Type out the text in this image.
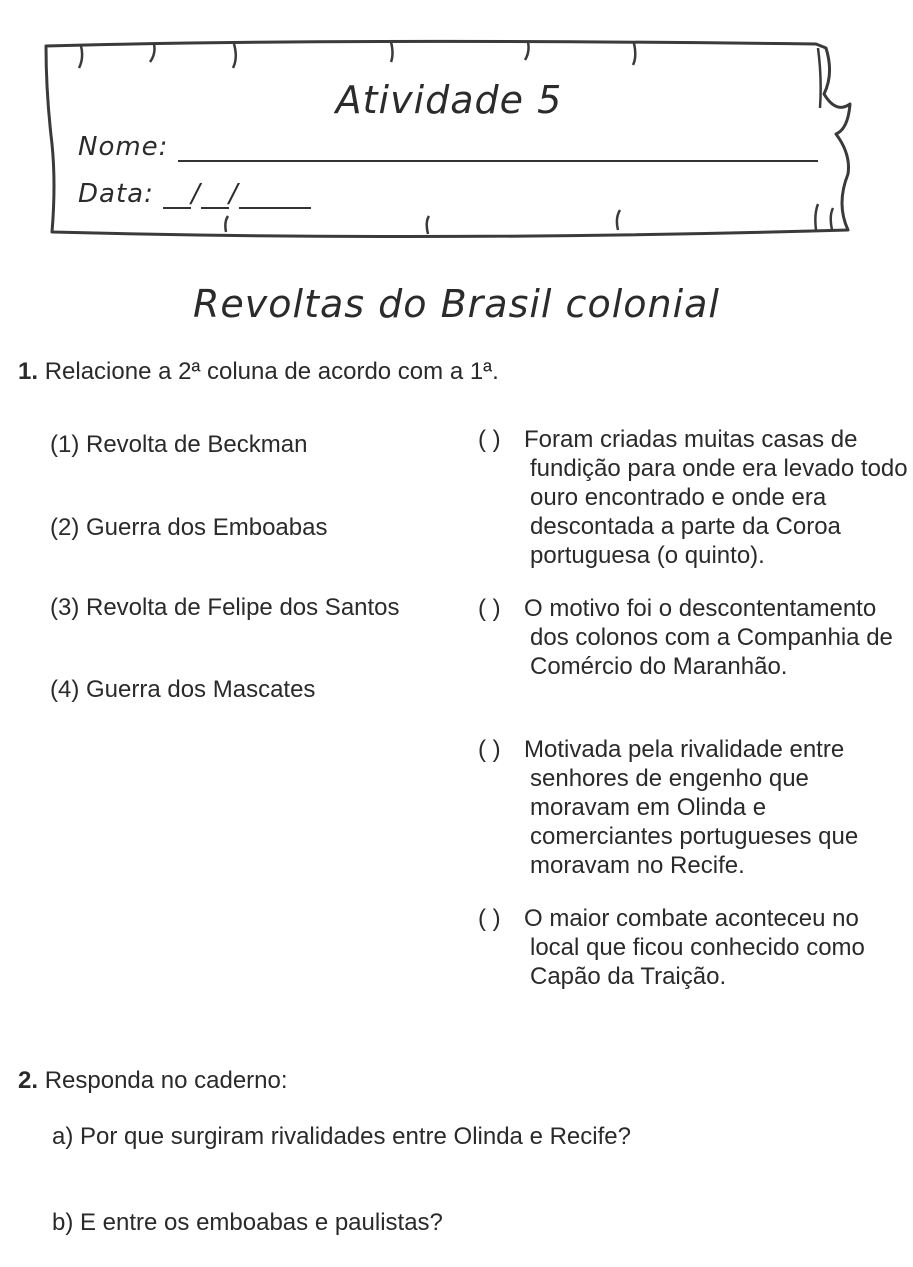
Atividade 5
Nome:
Data: / /
Revoltas do Brasil colonial
1. Relacione a 2ª coluna de acordo com a 1ª.
(1) Revolta de Beckman
(2) Guerra dos Emboabas
(3) Revolta de Felipe dos Santos
(4) Guerra dos Mascates
( ) Foram criadas muitas casas de fundição para onde era levado todo ouro encontrado e onde era descontada a parte da Coroa portuguesa (o quinto).
( ) O motivo foi o descontentamento dos colonos com a Companhia de Comércio do Maranhão.
( ) Motivada pela rivalidade entre senhores de engenho que moravam em Olinda e comerciantes portugueses que moravam no Recife.
( ) O maior combate aconteceu no local que ficou conhecido como Capão da Traição.
2. Responda no caderno:
a) Por que surgiram rivalidades entre Olinda e Recife?
b) E entre os emboabas e paulistas?
